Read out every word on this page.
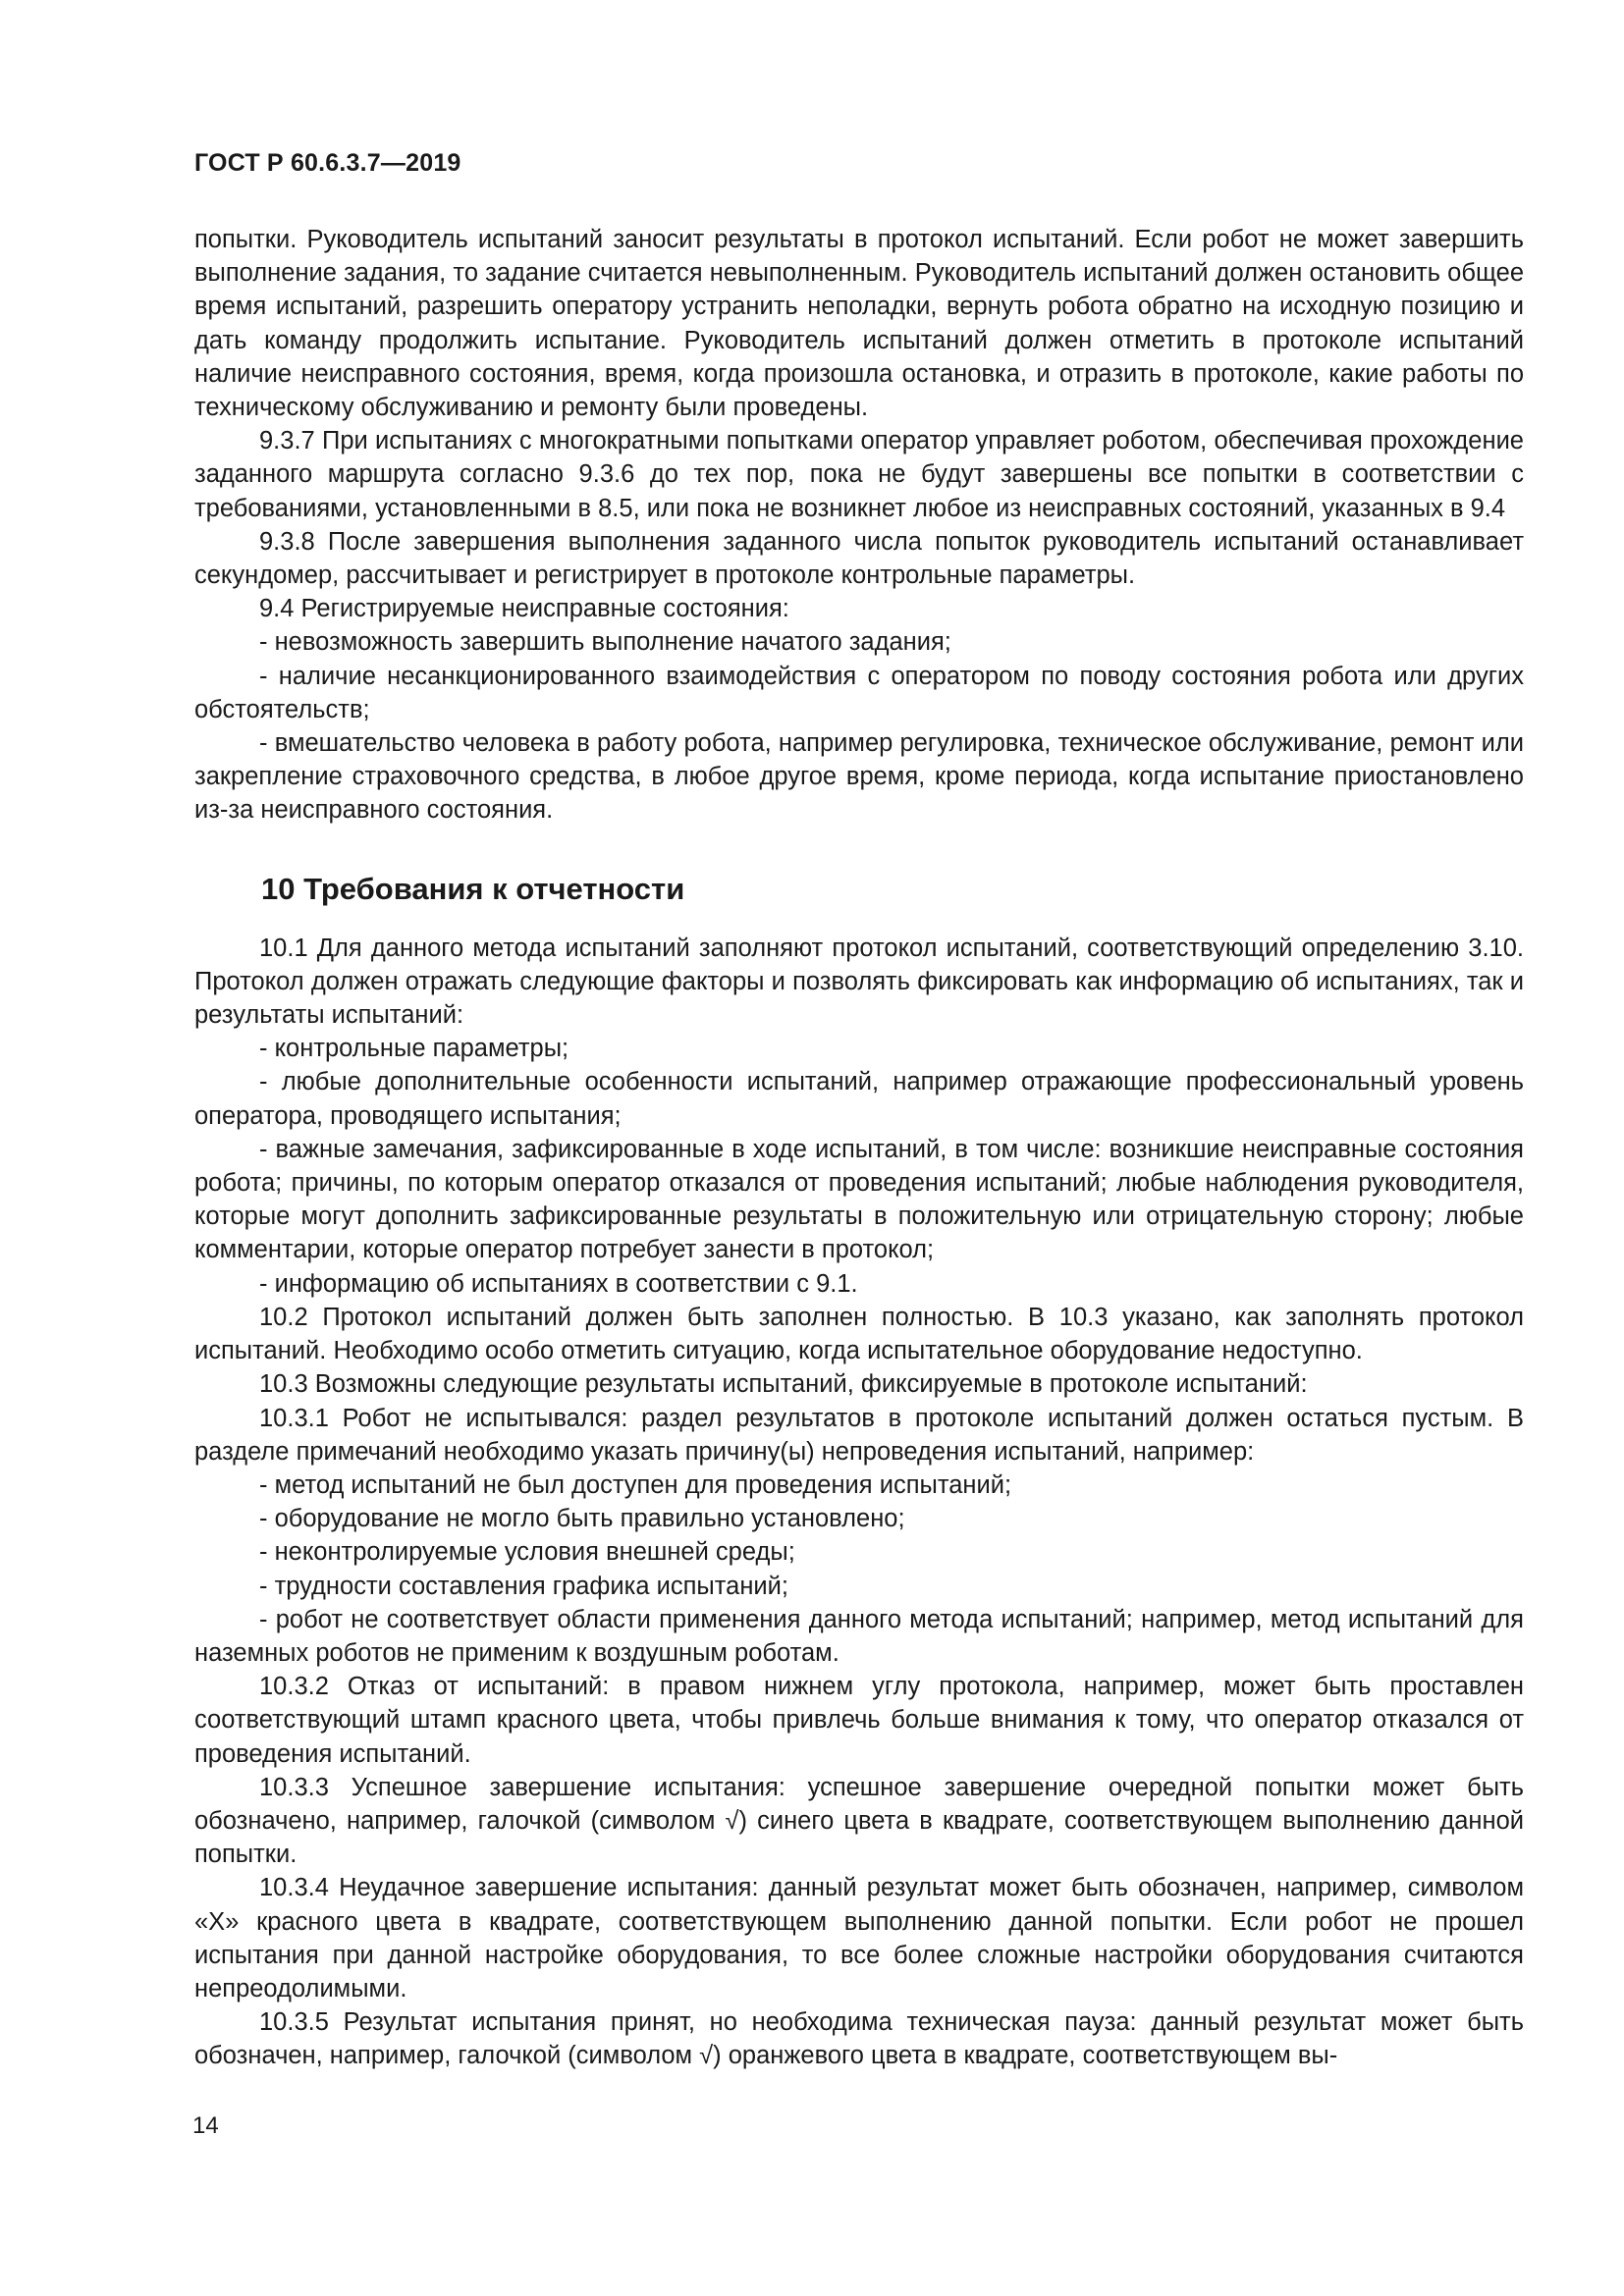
ГОСТ Р 60.6.3.7—2019

попытки. Руководитель испытаний заносит результаты в протокол испытаний. Если робот не может завершить выполнение задания, то задание считается невыполненным. Руководитель испытаний должен остановить общее время испытаний, разрешить оператору устранить неполадки, вернуть робота обратно на исходную позицию и дать команду продолжить испытание. Руководитель испытаний должен отметить в протоколе испытаний наличие неисправного состояния, время, когда произошла остановка, и отразить в протоколе, какие работы по техническому обслуживанию и ремонту были проведены.

9.3.7 При испытаниях с многократными попытками оператор управляет роботом, обеспечивая прохождение заданного маршрута согласно 9.3.6 до тех пор, пока не будут завершены все попытки в соответствии с требованиями, установленными в 8.5, или пока не возникнет любое из неисправных состояний, указанных в 9.4

9.3.8 После завершения выполнения заданного числа попыток руководитель испытаний останавливает секундомер, рассчитывает и регистрирует в протоколе контрольные параметры.

9.4 Регистрируемые неисправные состояния:

- невозможность завершить выполнение начатого задания;

- наличие несанкционированного взаимодействия с оператором по поводу состояния робота или других обстоятельств;

- вмешательство человека в работу робота, например регулировка, техническое обслуживание, ремонт или закрепление страховочного средства, в любое другое время, кроме периода, когда испытание приостановлено из-за неисправного состояния.

10 Требования к отчетности

10.1 Для данного метода испытаний заполняют протокол испытаний, соответствующий определению 3.10. Протокол должен отражать следующие факторы и позволять фиксировать как информацию об испытаниях, так и результаты испытаний:

- контрольные параметры;

- любые дополнительные особенности испытаний, например отражающие профессиональный уровень оператора, проводящего испытания;

- важные замечания, зафиксированные в ходе испытаний, в том числе: возникшие неисправные состояния робота; причины, по которым оператор отказался от проведения испытаний; любые наблюдения руководителя, которые могут дополнить зафиксированные результаты в положительную или отрицательную сторону; любые комментарии, которые оператор потребует занести в протокол;

- информацию об испытаниях в соответствии с 9.1.

10.2 Протокол испытаний должен быть заполнен полностью. В 10.3 указано, как заполнять протокол испытаний. Необходимо особо отметить ситуацию, когда испытательное оборудование недоступно.

10.3 Возможны следующие результаты испытаний, фиксируемые в протоколе испытаний:

10.3.1 Робот не испытывался: раздел результатов в протоколе испытаний должен остаться пустым. В разделе примечаний необходимо указать причину(ы) непроведения испытаний, например:

- метод испытаний не был доступен для проведения испытаний;

- оборудование не могло быть правильно установлено;

- неконтролируемые условия внешней среды;

- трудности составления графика испытаний;

- робот не соответствует области применения данного метода испытаний; например, метод испытаний для наземных роботов не применим к воздушным роботам.

10.3.2 Отказ от испытаний: в правом нижнем углу протокола, например, может быть проставлен соответствующий штамп красного цвета, чтобы привлечь больше внимания к тому, что оператор отказался от проведения испытаний.

10.3.3 Успешное завершение испытания: успешное завершение очередной попытки может быть обозначено, например, галочкой (символом √) синего цвета в квадрате, соответствующем выполнению данной попытки.

10.3.4 Неудачное завершение испытания: данный результат может быть обозначен, например, символом «X» красного цвета в квадрате, соответствующем выполнению данной попытки. Если робот не прошел испытания при данной настройке оборудования, то все более сложные настройки оборудования считаются непреодолимыми.

10.3.5 Результат испытания принят, но необходима техническая пауза: данный результат может быть обозначен, например, галочкой (символом √) оранжевого цвета в квадрате, соответствующем вы-

14
